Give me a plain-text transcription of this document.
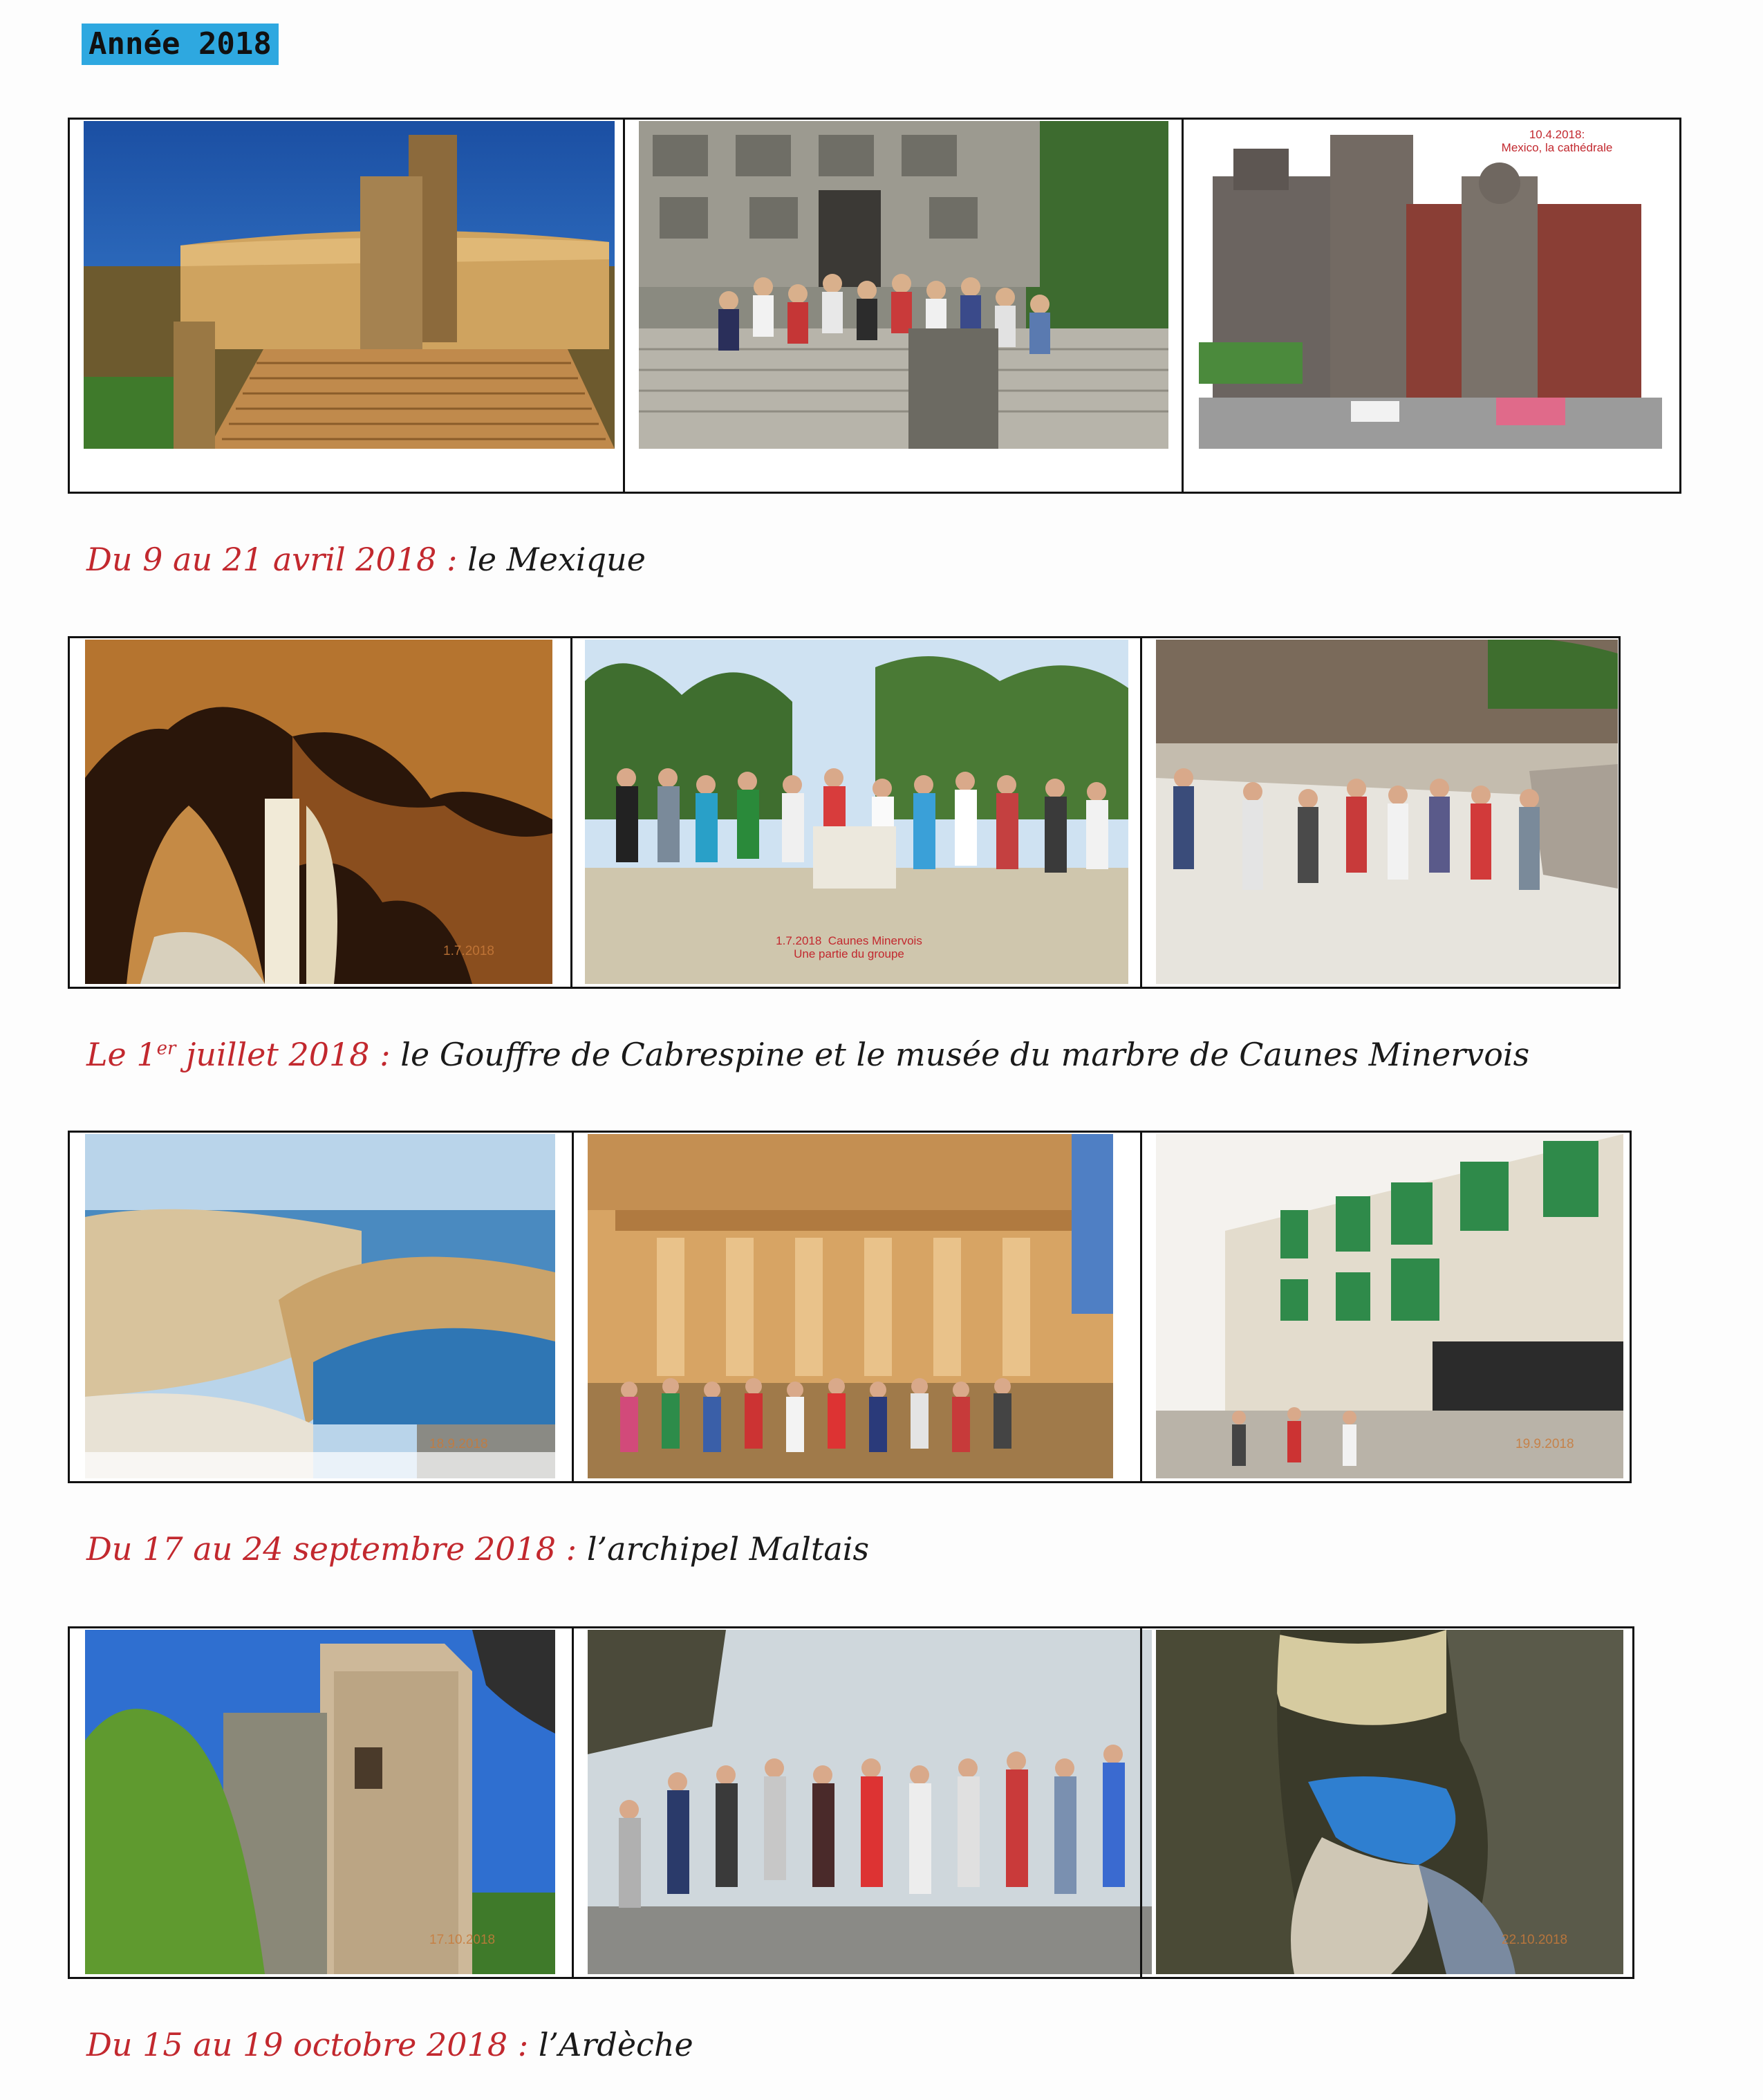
Année 2018
10.4.2018:
Mexico, la cathédrale
Du 9 au 21 avril 2018 : le Mexique
1.7.2018
1.7.2018  Caunes Minervois
Une partie du groupe
Le 1er juillet 2018 : le Gouffre de Cabrespine et le musée du marbre de Caunes Minervois
18.9.2018	19.9.2018
Du 17 au 24 septembre 2018 : l’archipel Maltais
17.10.2018	22.10.2018
Du 15 au 19 octobre 2018 : l’Ardèche
